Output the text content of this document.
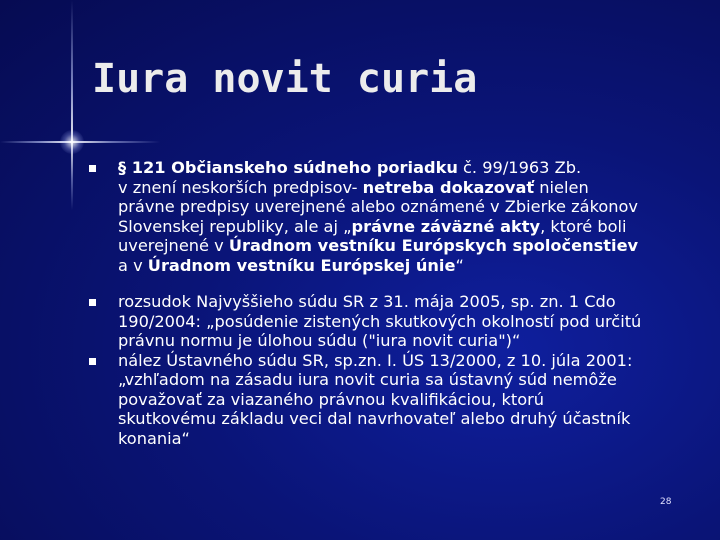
Iura novit curia
§ 121 Občianskeho súdneho poriadku č. 99/1963 Zb.
v znení neskorších predpisov- netreba dokazovať nielen
právne predpisy uverejnené alebo oznámené v Zbierke zákonov
Slovenskej republiky, ale aj „právne záväzné akty, ktoré boli
uverejnené v Úradnom vestníku Európskych spoločenstiev
a v Úradnom vestníku Európskej únie“
rozsudok Najvyššieho súdu SR z 31. mája 2005, sp. zn. 1 Cdo
190/2004: „posúdenie zistených skutkových okolností pod určitú
právnu normu je úlohou súdu ("iura novit curia")“
nález Ústavného súdu SR, sp.zn. I. ÚS 13/2000, z 10. júla 2001:
„vzhľadom na zásadu iura novit curia sa ústavný súd nemôže
považovať za viazaného právnou kvalifikáciou, ktorú
skutkovému základu veci dal navrhovateľ alebo druhý účastník
konania“
28
